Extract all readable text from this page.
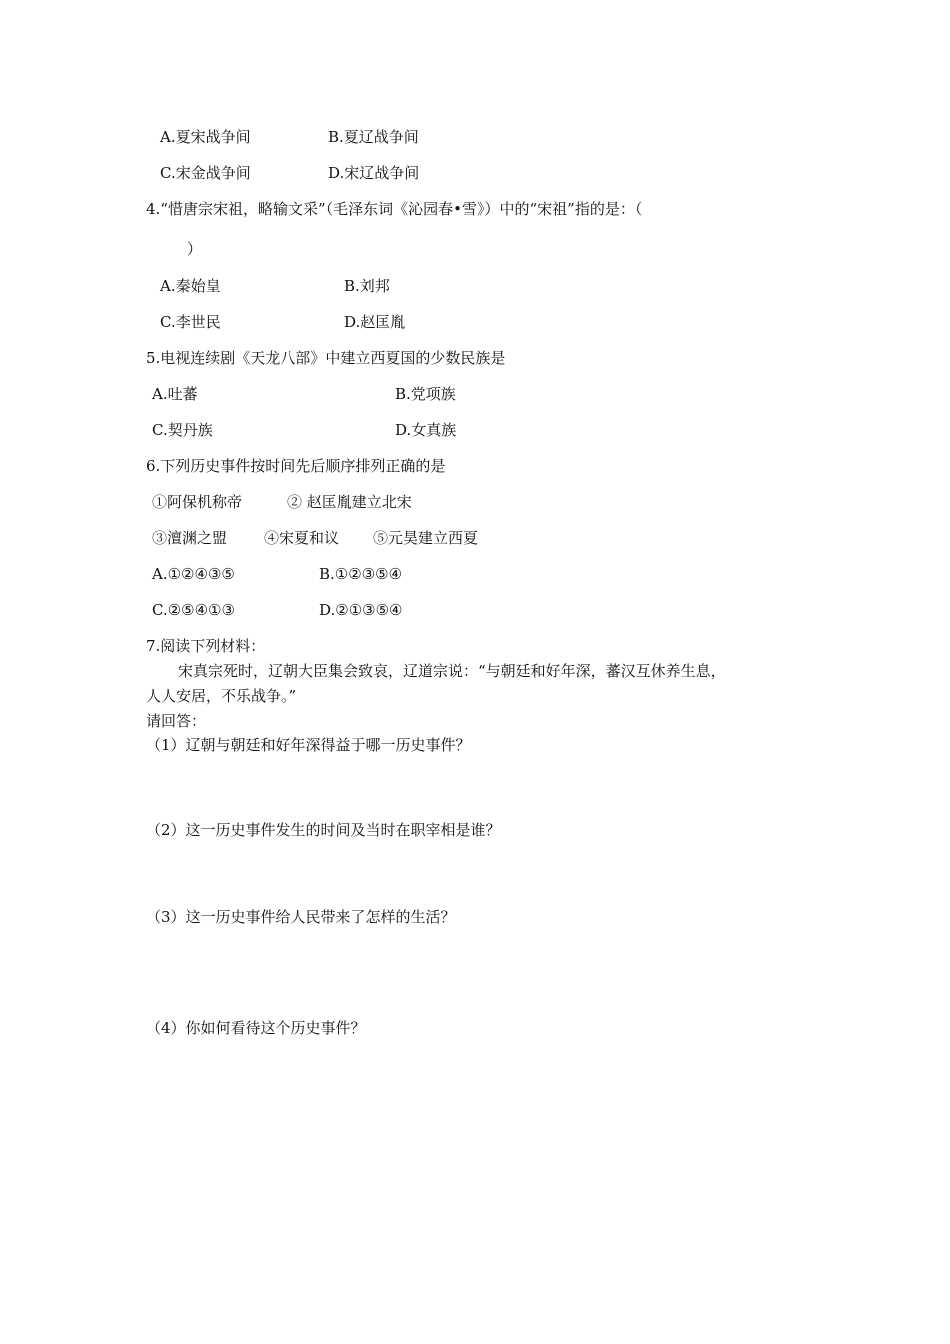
A.夏宋战争间	B.夏辽战争间
C.宋金战争间	D.宋辽战争间
4.“惜唐宗宋祖，略输文采”（毛泽东词《沁园春•雪》）中的“宋祖”指的是：（
）
A.秦始皇	B.刘邦
C.李世民	D.赵匡胤
5.电视连续剧《天龙八部》中建立西夏国的少数民族是
A.吐蕃	B.党项族
C.契丹族	D.女真族
6.下列历史事件按时间先后顺序排列正确的是
①阿保机称帝	② 赵匡胤建立北宋
③澶渊之盟 ④宋夏和议 ⑤元昊建立西夏
A.①②④③⑤	B.①②③⑤④
C.②⑤④①③	D.②①③⑤④
7.阅读下列材料：
宋真宗死时，辽朝大臣集会致哀，辽道宗说：“与朝廷和好年深，蕃汉互休养生息，
人人安居，不乐战争。”
请回答：
（1）辽朝与朝廷和好年深得益于哪一历史事件？
（2）这一历史事件发生的时间及当时在职宰相是谁？
（3）这一历史事件给人民带来了怎样的生活？
（4）你如何看待这个历史事件？
